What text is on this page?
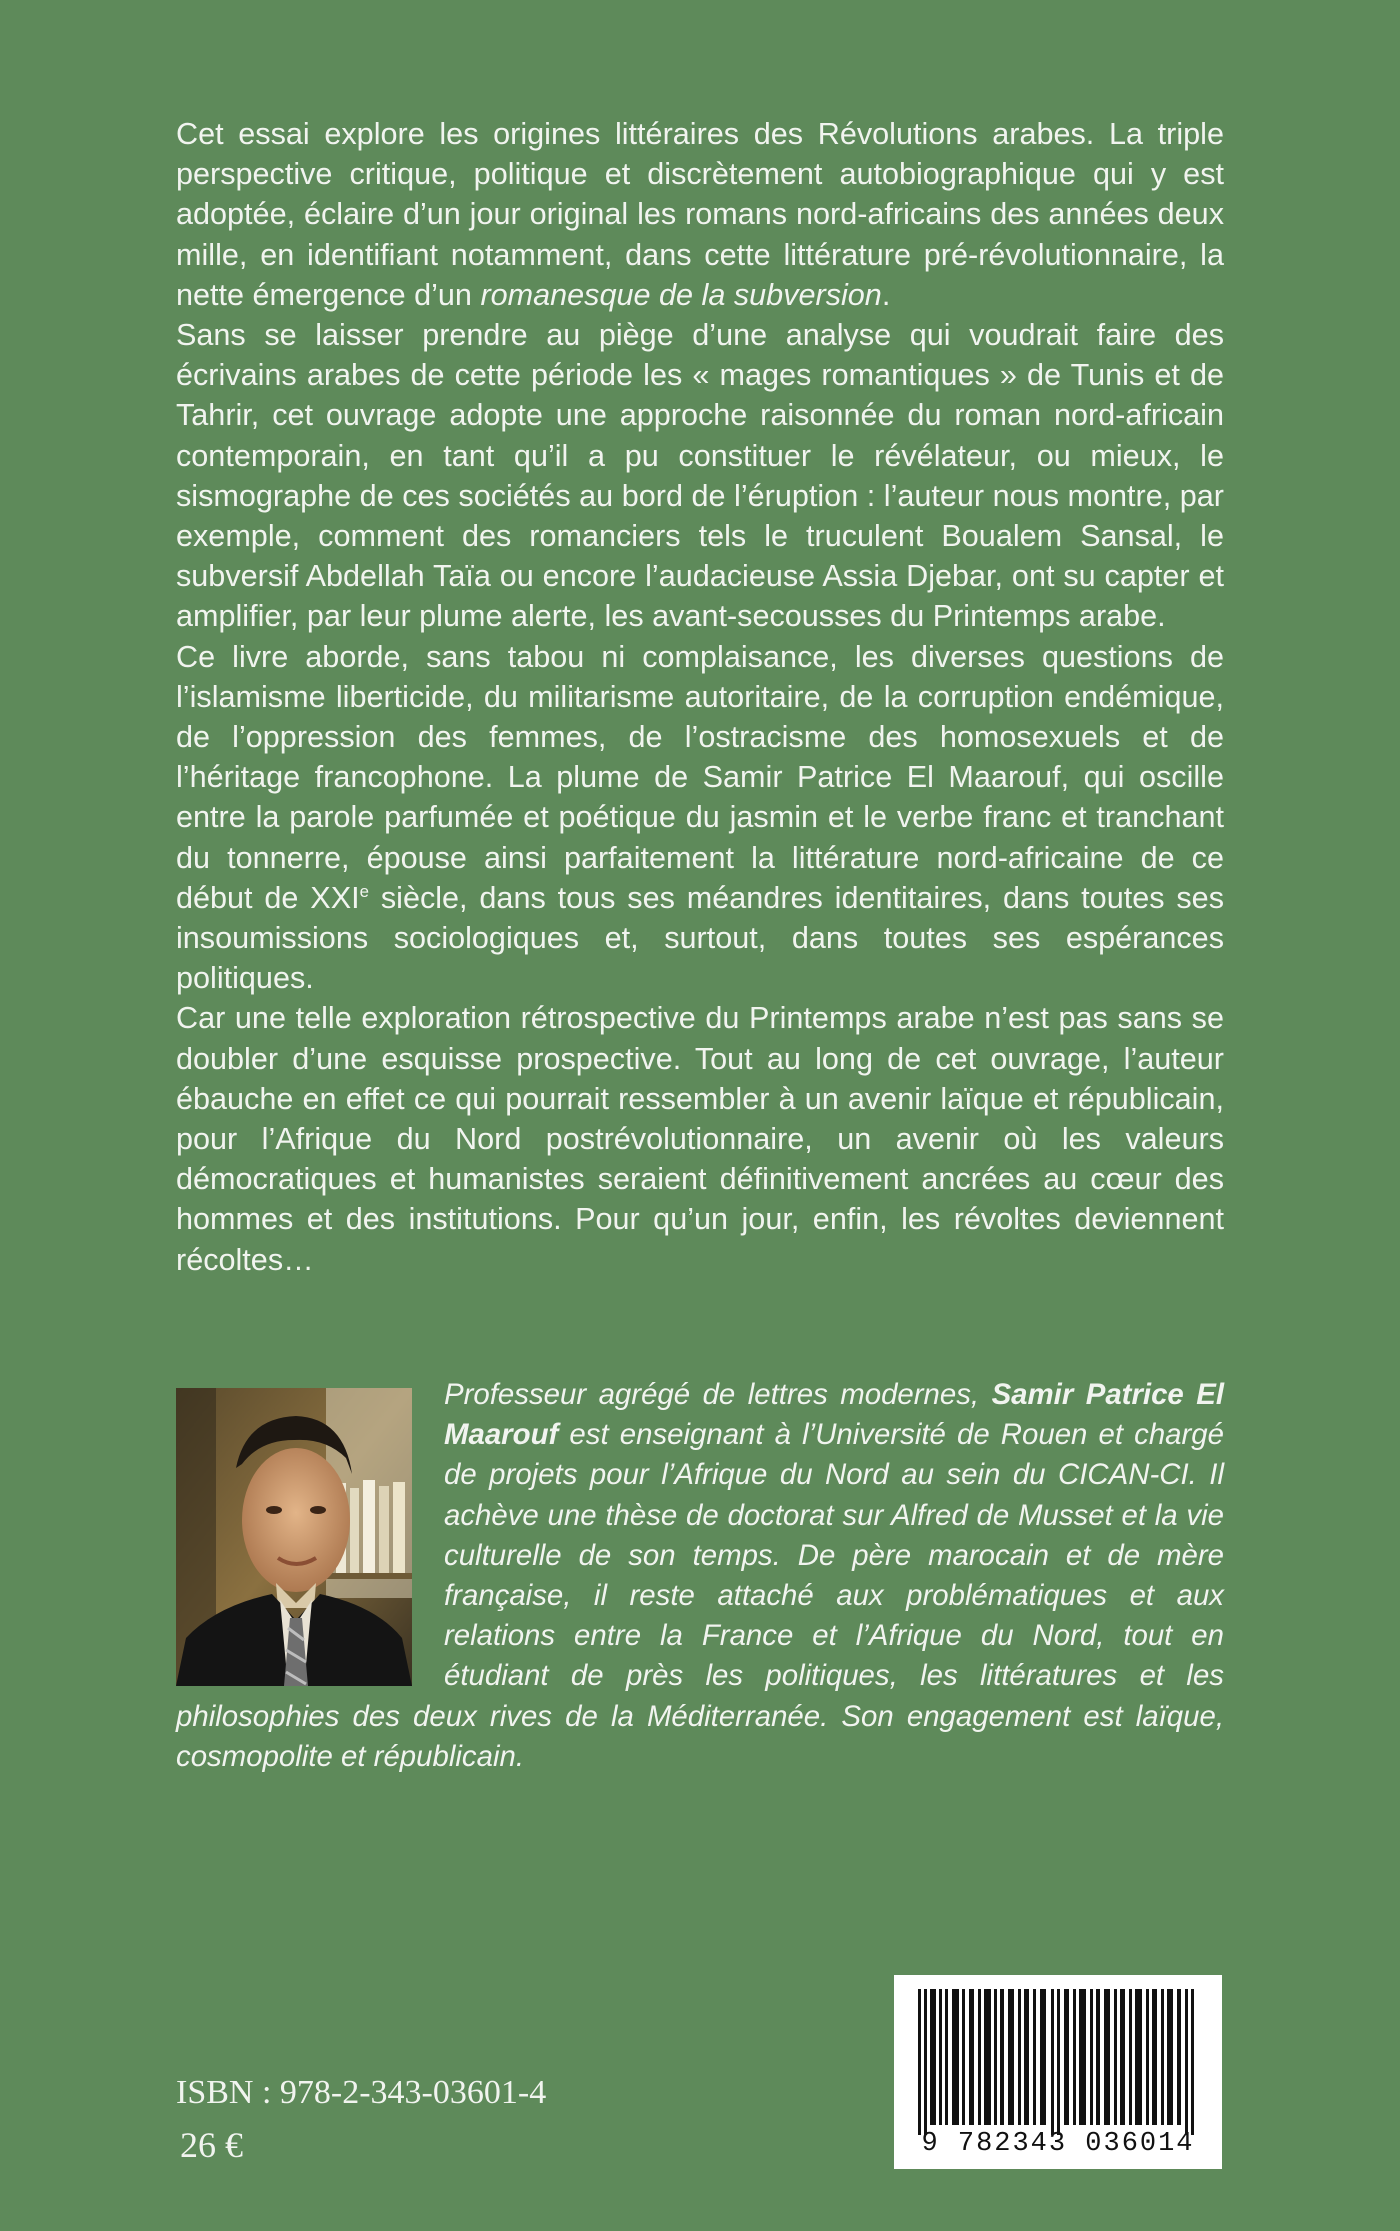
Cet essai explore les origines littéraires des Révolutions arabes. La triple perspective critique, politique et discrètement autobiographique qui y est adoptée, éclaire d’un jour original les romans nord-africains des années deux mille, en identifiant notamment, dans cette littérature pré-révolutionnaire, la nette émergence d’un romanesque de la subversion.

Sans se laisser prendre au piège d’une analyse qui voudrait faire des écrivains arabes de cette période les « mages romantiques » de Tunis et de Tahrir, cet ouvrage adopte une approche raisonnée du roman nord-africain contemporain, en tant qu’il a pu constituer le révélateur, ou mieux, le sismographe de ces sociétés au bord de l’éruption : l’auteur nous montre, par exemple, comment des romanciers tels le truculent Boualem Sansal, le subversif Abdellah Taïa ou encore l’audacieuse Assia Djebar, ont su capter et amplifier, par leur plume alerte, les avant-secousses du Printemps arabe.

Ce livre aborde, sans tabou ni complaisance, les diverses questions de l’islamisme liberticide, du militarisme autoritaire, de la corruption endémique, de l’oppression des femmes, de l’ostracisme des homosexuels et de l’héritage francophone. La plume de Samir Patrice El Maarouf, qui oscille entre la parole parfumée et poétique du jasmin et le verbe franc et tranchant du tonnerre, épouse ainsi parfaitement la littérature nord-africaine de ce début de XXIe siècle, dans tous ses méandres identitaires, dans toutes ses insoumissions sociologiques et, surtout, dans toutes ses espérances politiques.

Car une telle exploration rétrospective du Printemps arabe n’est pas sans se doubler d’une esquisse prospective. Tout au long de cet ouvrage, l’auteur ébauche en effet ce qui pourrait ressembler à un avenir laïque et républicain, pour l’Afrique du Nord postrévolutionnaire, un avenir où les valeurs démocratiques et humanistes seraient définitivement ancrées au cœur des hommes et des institutions. Pour qu’un jour, enfin, les révoltes deviennent récoltes…

Professeur agrégé de lettres modernes, Samir Patrice El Maarouf est enseignant à l’Université de Rouen et chargé de projets pour l’Afrique du Nord au sein du CICAN-CI. Il achève une thèse de doctorat sur Alfred de Musset et la vie culturelle de son temps. De père marocain et de mère française, il reste attaché aux problématiques et aux relations entre la France et l’Afrique du Nord, tout en étudiant de près les politiques, les littératures et les philosophies des deux rives de la Méditerranée. Son engagement est laïque, cosmopolite et républicain.
9 782343 036014
ISBN : 978-2-343-03601-4
26 €
